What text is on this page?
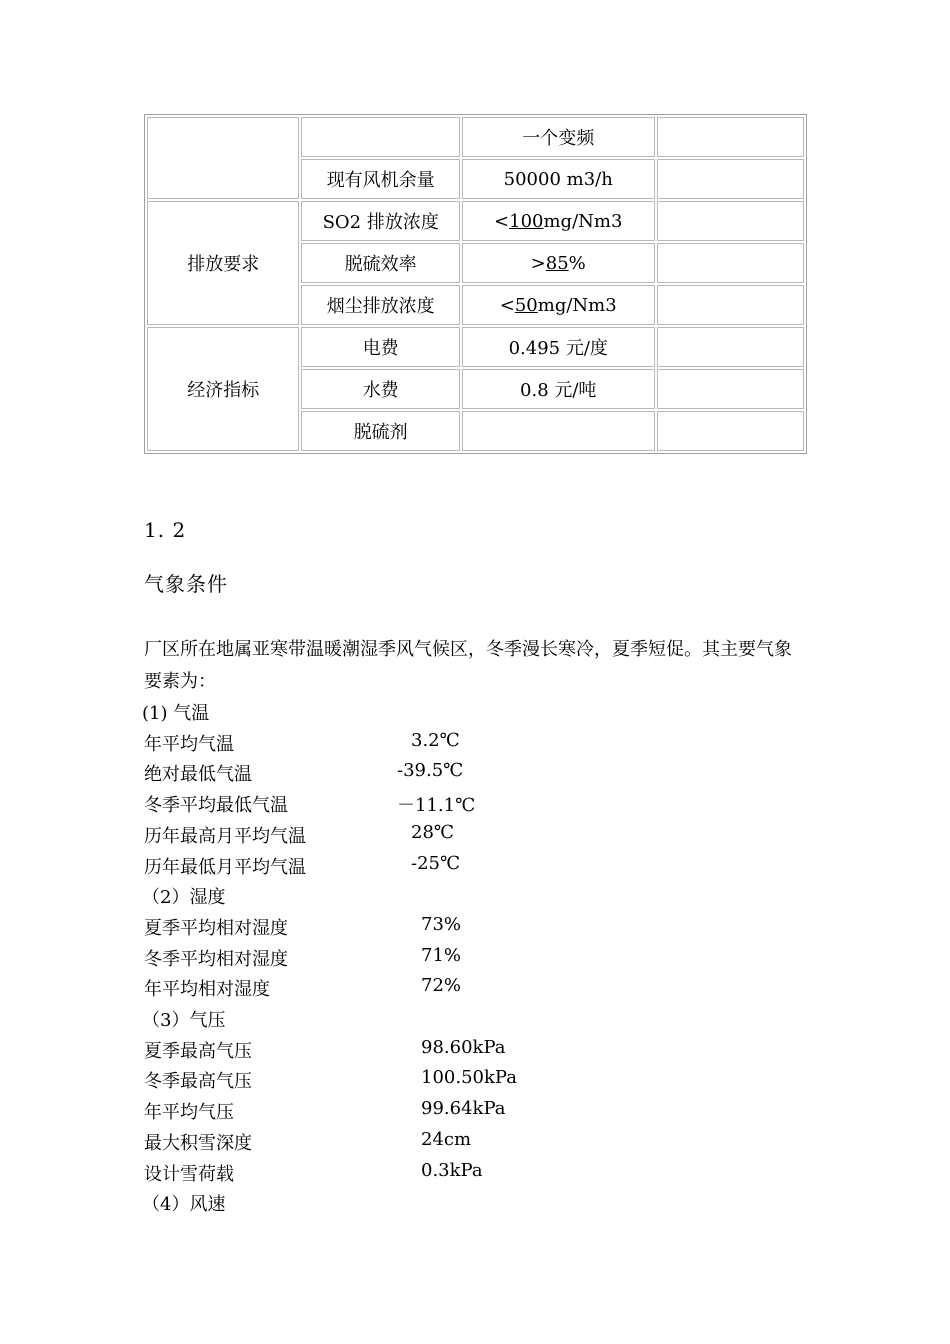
		一个变频	
	现有风机余量	50000 m3/h	
排放要求	SO2 排放浓度	<100mg/Nm3	
	脱硫效率	>85%	
	烟尘排放浓度	<50mg/Nm3	
经济指标	电费	0.495 元/度	
	水费	0.8 元/吨	
	脱硫剂		
1. 2
气象条件
厂区所在地属亚寒带温暖潮湿季风气候区，冬季漫长寒冷，夏季短促。其主要气象要素为：
(1) 气温
年平均气温	3.2℃
绝对最低气温	-39.5℃
冬季平均最低气温	－11.1℃
历年最高月平均气温	28℃
历年最低月平均气温	-25℃
（2）湿度
夏季平均相对湿度	73%
冬季平均相对湿度	71%
年平均相对湿度	72%
（3）气压
夏季最高气压	98.60kPa
冬季最高气压	100.50kPa
年平均气压	99.64kPa
最大积雪深度	24cm
设计雪荷载	0.3kPa
（4）风速
